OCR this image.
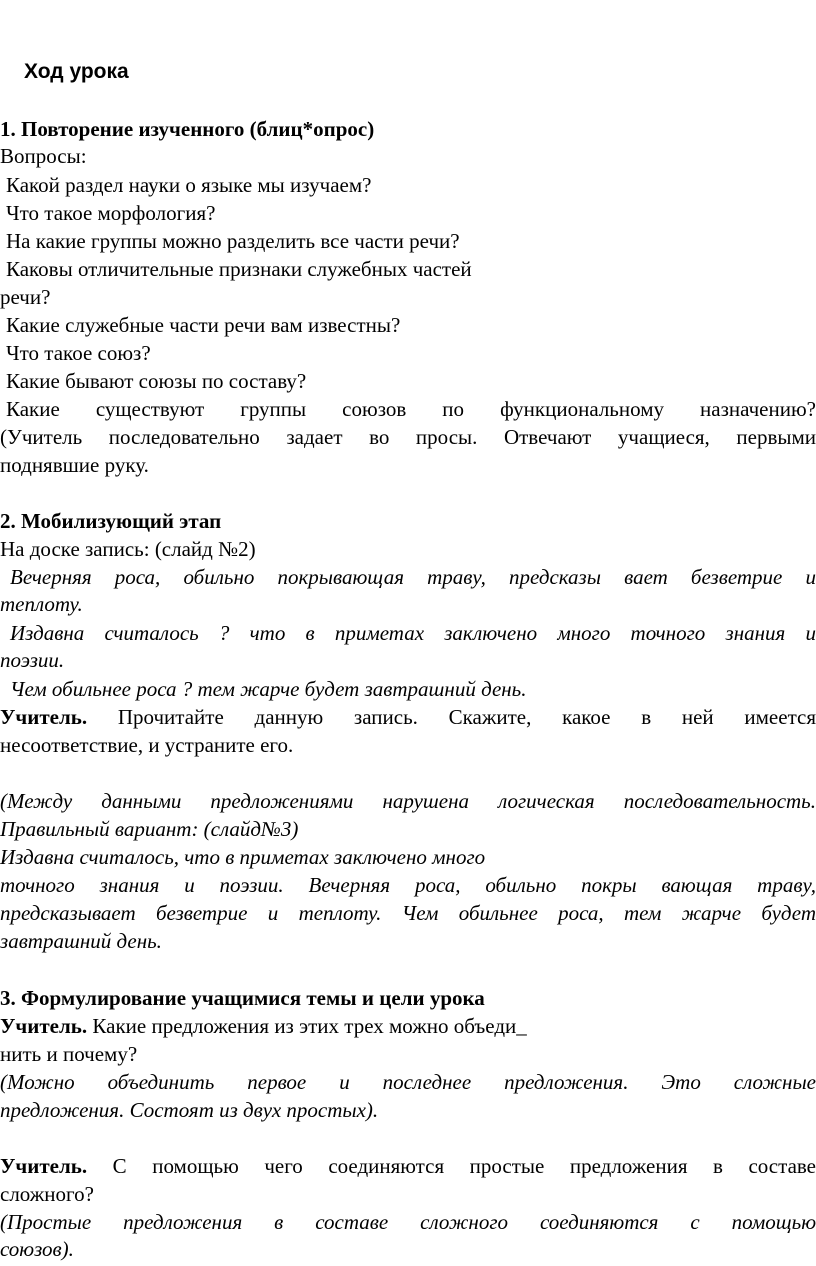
Ход урока
1. Повторение изученного (блиц*опрос)
Вопросы:
Какой раздел науки о языке мы изучаем?
Что такое морфология?
На какие группы можно разделить все части речи?
Каковы отличительные признаки служебных частей
речи?
Какие служебные части речи вам известны?
Что такое союз?
Какие бывают союзы по составу?
Какие существуют группы союзов по функциональному назначению?
(Учитель последовательно задает во просы. Отвечают учащиеся, первыми
поднявшие руку.
2. Мобилизующий этап
На доске запись: (слайд №2)
Вечерняя роса, обильно покрывающая траву, предсказы вает безветрие и
теплоту.
Издавна считалось ? что в приметах заключено много точного знания и
поэзии.
Чем обильнее роса ? тем жарче будет завтрашний день.
Учитель. Прочитайте данную запись. Скажите, какое в ней имеется
несоответствие, и устраните его.
(Между данными предложениями нарушена логическая последовательность.
Правильный вариант: (слайд№3)
Издавна считалось, что в приметах заключено много
точного знания и поэзии. Вечерняя роса, обильно покры вающая траву,
предсказывает безветрие и теплоту. Чем обильнее роса, тем жарче будет
завтрашний день.
3. Формулирование учащимися темы и цели урока
Учитель. Какие предложения из этих трех можно объеди_
нить и почему?
(Можно объединить первое и последнее предложения. Это сложные
предложения. Состоят из двух простых).
Учитель. С помощью чего соединяются простые предложения в составе
сложного?
(Простые предложения в составе сложного соединяются с помощью
союзов).
